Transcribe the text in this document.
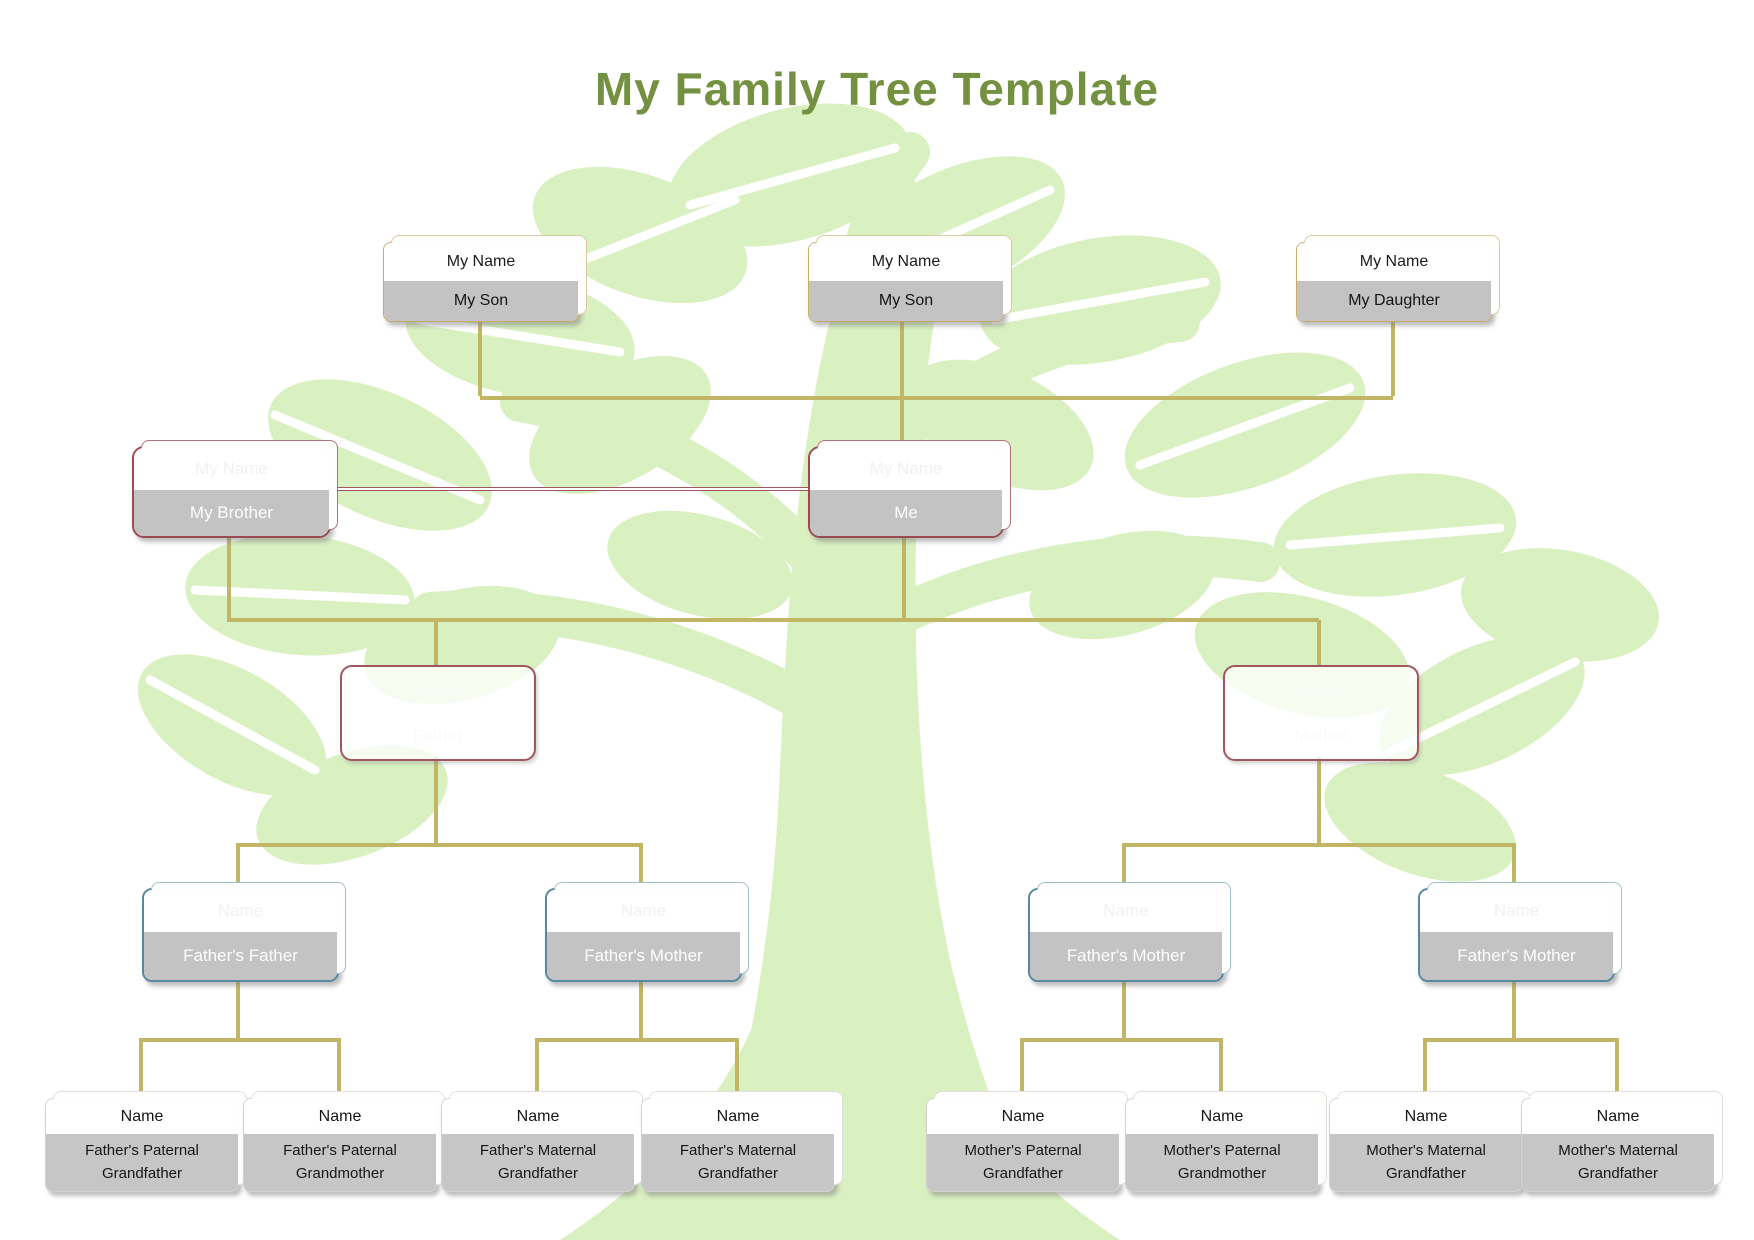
My Family Tree Template
My Name
My Son
My Name
My Son
My Name
My Daughter
My Name
My Brother
My Name
Me
Name
Father
Name
Mother
Name
Father's Father
Name
Father's Mother
Name
Father's Mother
Name
Father's Mother
Name
Father's Paternal Grandfather
Name
Father's Paternal Grandmother
Name
Father's Maternal Grandfather
Name
Father's Maternal Grandfather
Name
Mother's Paternal Grandfather
Name
Mother's Paternal Grandmother
Name
Mother's Maternal Grandfather
Name
Mother's Maternal Grandfather
